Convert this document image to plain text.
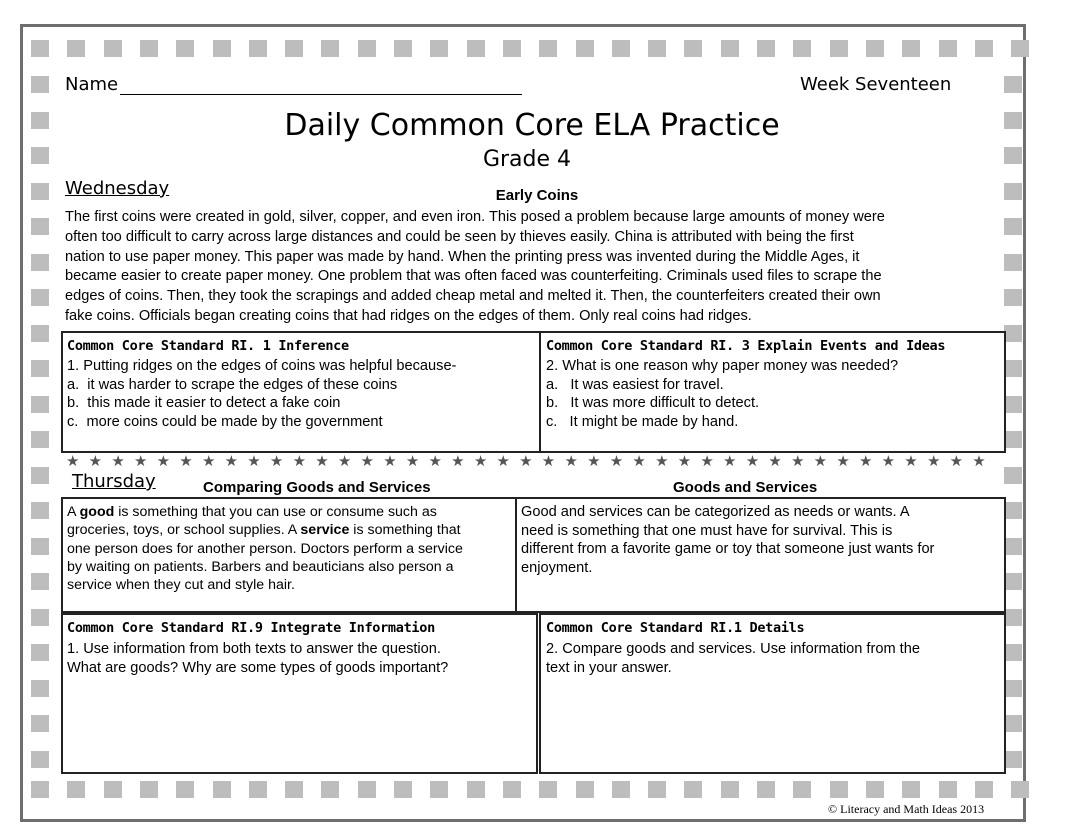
Name	Week Seventeen
Daily Common Core ELA Practice
Grade 4
Wednesday	Early Coins
The first coins were created in gold, silver, copper, and even iron. This posed a problem because large amounts of money were
often too difficult to carry across large distances and could be seen by thieves easily. China is attributed with being the first
nation to use paper money. This paper was made by hand. When the printing press was invented during the Middle Ages, it
became easier to create paper money. One problem that was often faced was counterfeiting. Criminals used files to scrape the
edges of coins. Then, they took the scrapings and added cheap metal and melted it. Then, the counterfeiters created their own
fake coins. Officials began creating coins that had ridges on the edges of them. Only real coins had ridges.
Common Core Standard RI. 1 Inference
1. Putting ridges on the edges of coins was helpful because-
a. it was harder to scrape the edges of these coins
b. this made it easier to detect a fake coin
c. more coins could be made by the government
Common Core Standard RI. 3 Explain Events and Ideas
2. What is one reason why paper money was needed?
a. It was easiest for travel.
b. It was more difficult to detect.
c. It might be made by hand.
★ ★ ★ ★ ★ ★ ★ ★ ★ ★ ★ ★ ★ ★ ★ ★ ★ ★ ★ ★ ★ ★ ★ ★ ★ ★ ★ ★ ★ ★ ★ ★ ★ ★ ★ ★ ★ ★ ★ ★ ★
Thursday	Comparing Goods and Services	Goods and Services
A good is something that you can use or consume such as
groceries, toys, or school supplies. A service is something that
one person does for another person. Doctors perform a service
by waiting on patients. Barbers and beauticians also person a
service when they cut and style hair.
Good and services can be categorized as needs or wants. A
need is something that one must have for survival. This is
different from a favorite game or toy that someone just wants for
enjoyment.
Common Core Standard RI.9 Integrate Information
1. Use information from both texts to answer the question.
What are goods? Why are some types of goods important?
Common Core Standard RI.1 Details
2. Compare goods and services. Use information from the
text in your answer.
© Literacy and Math Ideas 2013
